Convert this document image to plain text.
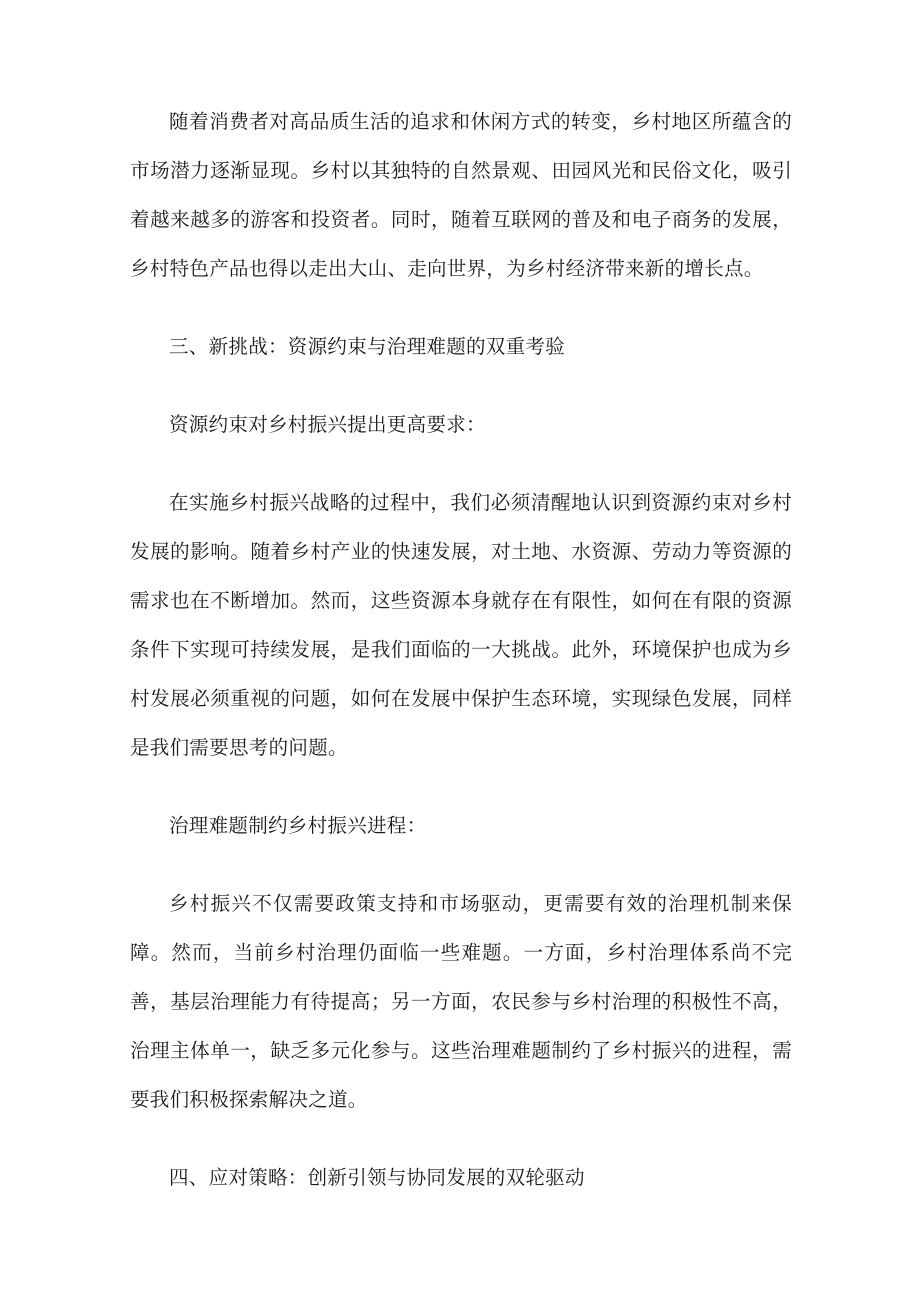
随着消费者对高品质生活的追求和休闲方式的转变，乡村地区所蕴含的市场潜力逐渐显现。乡村以其独特的自然景观、田园风光和民俗文化，吸引着越来越多的游客和投资者。同时，随着互联网的普及和电子商务的发展，乡村特色产品也得以走出大山、走向世界，为乡村经济带来新的增长点。

三、新挑战：资源约束与治理难题的双重考验

资源约束对乡村振兴提出更高要求：

在实施乡村振兴战略的过程中，我们必须清醒地认识到资源约束对乡村发展的影响。随着乡村产业的快速发展，对土地、水资源、劳动力等资源的需求也在不断增加。然而，这些资源本身就存在有限性，如何在有限的资源条件下实现可持续发展，是我们面临的一大挑战。此外，环境保护也成为乡村发展必须重视的问题，如何在发展中保护生态环境，实现绿色发展，同样是我们需要思考的问题。

治理难题制约乡村振兴进程：

乡村振兴不仅需要政策支持和市场驱动，更需要有效的治理机制来保障。然而，当前乡村治理仍面临一些难题。一方面，乡村治理体系尚不完善，基层治理能力有待提高；另一方面，农民参与乡村治理的积极性不高，治理主体单一，缺乏多元化参与。这些治理难题制约了乡村振兴的进程，需要我们积极探索解决之道。

四、应对策略：创新引领与协同发展的双轮驱动
